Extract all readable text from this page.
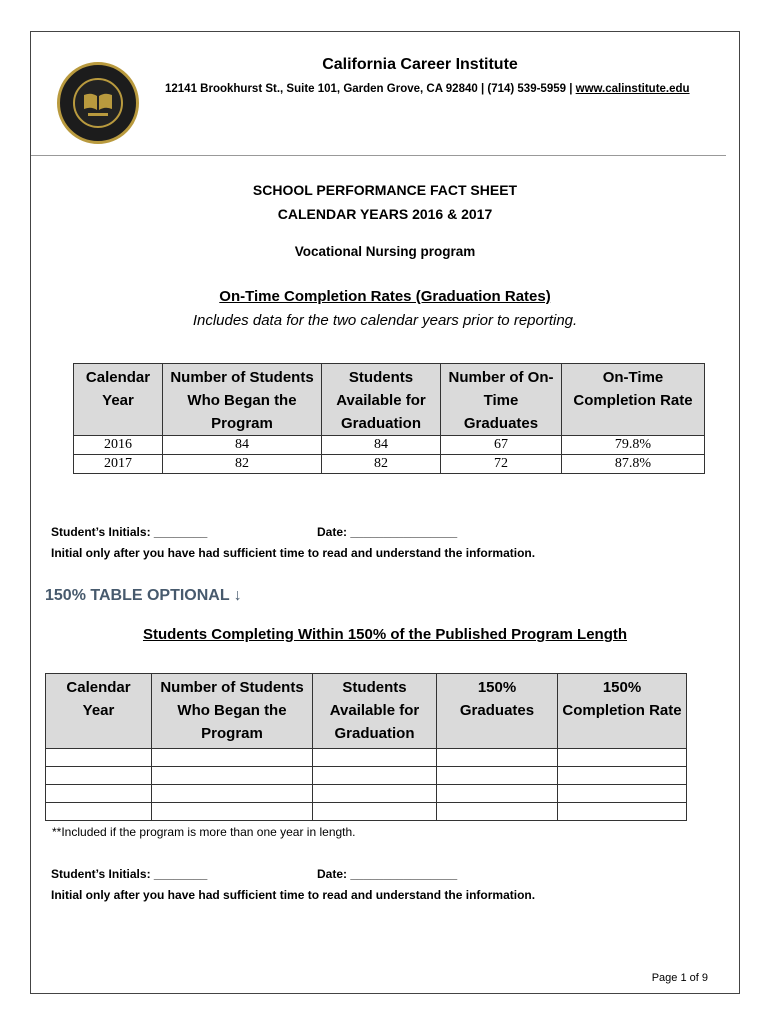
California Career Institute
12141 Brookhurst St., Suite 101, Garden Grove, CA 92840 | (714) 539-5959 | www.calinstitute.edu
SCHOOL PERFORMANCE FACT SHEET
CALENDAR YEARS 2016 & 2017
Vocational Nursing program
On-Time Completion Rates (Graduation Rates)
Includes data for the two calendar years prior to reporting.
Calendar Year	Number of Students Who Began the Program	Students Available for Graduation	Number of On-Time Graduates	On-Time Completion Rate
2016	84	84	67	79.8%
2017	82	82	72	87.8%
Student’s Initials: ________	Date: ________________
Initial only after you have had sufficient time to read and understand the information.
150% TABLE OPTIONAL ↓
Students Completing Within 150% of the Published Program Length
Calendar Year	Number of Students Who Began the Program	Students Available for Graduation	150% Graduates	150% Completion Rate

**Included if the program is more than one year in length.
Student’s Initials: ________	Date: ________________
Initial only after you have had sufficient time to read and understand the information.
Page 1 of 9
